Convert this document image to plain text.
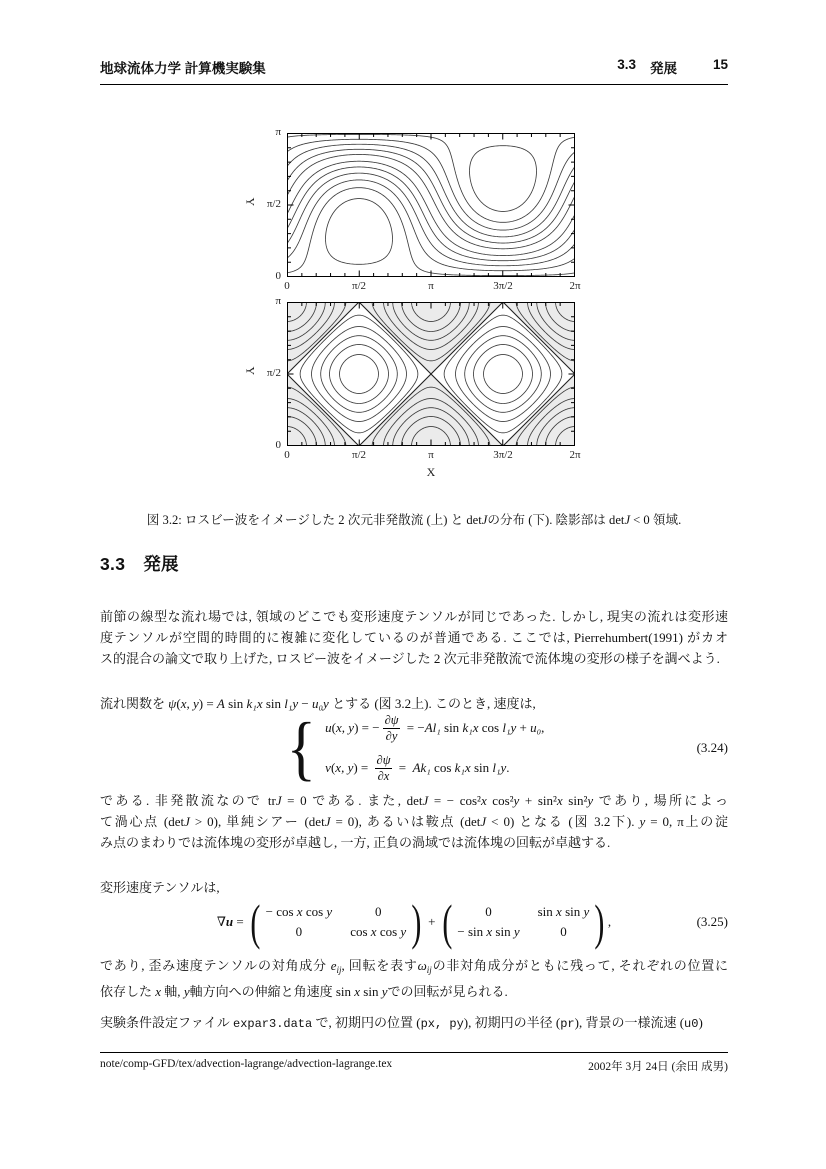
地球流体力学 計算機実験集	3.3 発展	15
0	π/2	π	3π/2	2π
0
π/2
π
Y
0	π/2	π	3π/2	2π
0
π/2
π
Y
X
図 3.2: ロスビー波をイメージした 2 次元非発散流 (上) と detJの分布 (下). 陰影部は detJ < 0 領域.
3.3 発展
前節の線型な流れ場では, 領域のどこでも変形速度テンソルが同じであった. しかし, 現実の流れは変形速
度テンソルが空間的時間的に複雑に変化しているのが普通である. ここでは, Pierrehumbert(1991) がカオ
ス的混合の論文で取り上げた, ロスビー波をイメージした 2 次元非発散流で流体塊の変形の様子を調べよう.
流れ関数を ψ(x, y) = A sin k₁x sin l₁y − u₀y とする (図 3.2上). このとき, 速度は,
{ u ( x, y ) = − $\frac{\partial\psi}{\partial y}$ = − Al₁ sin k₁x cos l₁y + u₀ ,
v ( x, y ) = $\frac{\partial\psi}{\partial x} = Ak_1$ cos k₁x sin l₁y .
(3.24)
である. 非発散流なので trJ = 0 である. また, detJ = − cos²x cos²y + sin²x sin²y であり, 場所によっ
て渦心点 (detJ > 0), 単純シアー (detJ = 0), あるいは鞍点 (detJ < 0) となる (図 3.2下). y = 0, π上の淀
み点のまわりでは流体塊の変形が卓越し, 一方, 正負の渦域では流体塊の回転が卓越する.
変形速度テンソルは,
∇ u = ( − cos x cos y	0
0	cos x cos y ) + (	0	sin x sin y
− sin x sin y	0 ) ,	(3.25)
であり, 歪み速度テンソルの対角成分 $e_{ij}$, 回転を表す$\omega_{ij}$の非対角成分がともに残って, それぞれの位置に
依存した x 軸, y軸方向への伸縮と角速度 sin x sin yでの回転が見られる.
実験条件設定ファイル expar3.data で, 初期円の位置 (px, py), 初期円の半径 (pr), 背景の一様流速 (u0)
note/comp-GFD/tex/advection-lagrange/advection-lagrange.tex	2002年 3月 24日 (余田 成男)
